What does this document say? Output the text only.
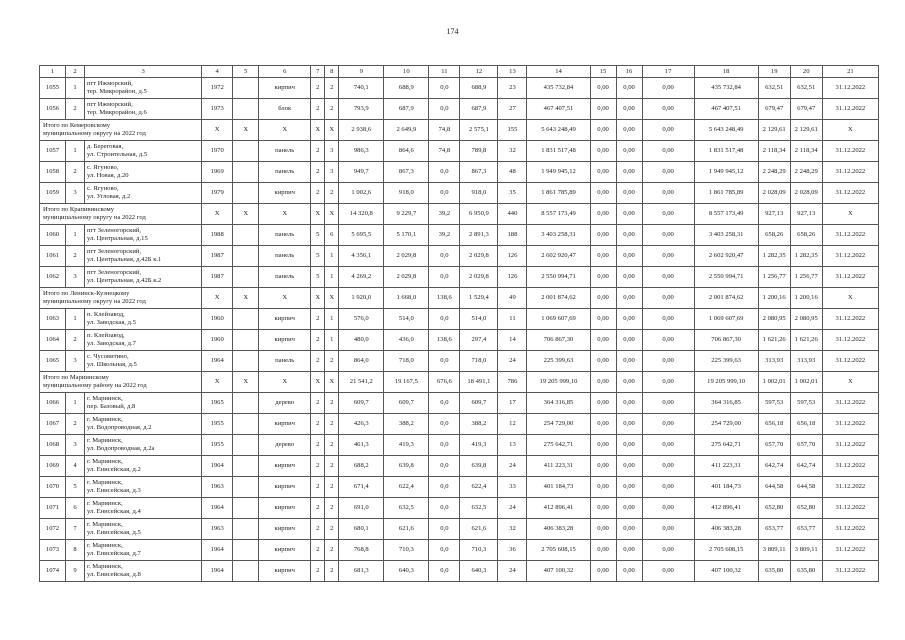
174
1	2	3	4	5	6	7	8	9	10	11	12	13	14	15	16	17	18	19	20	21
1055	1	пгт Ижморский,
тер. Микрорайон, д.5	1972		кирпич	2	2	740,1	688,9	0,0	688,9	23	435 732,84	0,00	0,00	0,00	435 732,84	632,51	632,51	31.12.2022
1056	2	пгт Ижморский,
тер. Микрорайон, д.6	1973		блок	2	2	793,9	687,9	0,0	687,9	27	467 407,51	0,00	0,00	0,00	467 407,51	679,47	679,47	31.12.2022
Итого по Кемеровскому
муниципальному округу на 2022 год			X	X	X	X	X	2 938,6	2 649,9	74,8	2 575,1	155	5 643 248,49	0,00	0,00	0,00	5 643 248,49	2 129,61	2 129,61	X
1057	1	д. Береговая,
ул. Строительная, д.5	1970		панель	2	3	986,3	864,6	74,8	789,8	32	1 831 517,48	0,00	0,00	0,00	1 831 517,48	2 118,34	2 118,34	31.12.2022
1058	2	с. Ягуново,
ул. Новая, д.20	1969		панель	2	3	949,7	867,3	0,0	867,3	48	1 949 945,12	0,00	0,00	0,00	1 949 945,12	2 248,29	2 248,29	31.12.2022
1059	3	с. Ягуново,
ул. Угловая, д.2	1979		кирпич	2	2	1 002,6	918,0	0,0	918,0	35	1 861 785,89	0,00	0,00	0,00	1 861 785,89	2 028,09	2 028,09	31.12.2022
Итого по Крапивинскому
муниципальному округу на 2022 год			X	X	X	X	X	14 320,8	9 229,7	39,2	6 950,9	440	8 557 173,49	0,00	0,00	0,00	8 557 173,49	927,13	927,13	X
1060	1	пгт Зеленогорский,
ул. Центральная, д.15	1988		панель	5	6	5 695,5	5 170,1	39,2	2 891,3	188	3 403 258,31	0,00	0,00	0,00	3 403 258,31	658,26	658,26	31.12.2022
1061	2	пгт Зеленогорский,
ул. Центральная, д.42Б к.1	1987		панель	5	1	4 356,1	2 029,8	0,0	2 029,8	126	2 602 920,47	0,00	0,00	0,00	2 602 920,47	1 282,35	1 282,35	31.12.2022
1062	3	пгт Зеленогорский,
ул. Центральная, д.42Б к.2	1987		панель	5	1	4 269,2	2 029,8	0,0	2 029,8	126	2 550 994,71	0,00	0,00	0,00	2 550 994,71	1 256,77	1 256,77	31.12.2022
Итого по Ленинск-Кузнецкому
муниципальному округу на 2022 год			X	X	X	X	X	1 920,0	1 668,0	138,6	1 529,4	49	2 001 874,62	0,00	0,00	0,00	2 001 874,62	1 200,16	1 200,16	X
1063	1	п. Клейзавод,
ул. Заводская, д.5	1960		кирпич	2	1	576,0	514,0	0,0	514,0	11	1 069 607,69	0,00	0,00	0,00	1 069 607,69	2 080,95	2 080,95	31.12.2022
1064	2	п. Клейзавод,
ул. Заводская, д.7	1960		кирпич	2	1	480,0	436,0	138,6	297,4	14	706 867,30	0,00	0,00	0,00	706 867,30	1 621,26	1 621,26	31.12.2022
1065	3	с. Чусовитино,
ул. Школьная, д.5	1964		панель	2	2	864,0	718,0	0,0	718,0	24	225 399,63	0,00	0,00	0,00	225 399,63	313,93	313,93	31.12.2022
Итого по Мариинскому
муниципальному району на 2022 год			X	X	X	X	X	21 541,2	19 167,5	676,6	18 491,1	786	19 205 999,10	0,00	0,00	0,00	19 205 999,10	1 002,01	1 002,01	X
1066	1	г. Мариинск,
пер. Базовый, д.8	1965		дерево	2	2	609,7	609,7	0,0	609,7	17	364 316,85	0,00	0,00	0,00	364 316,85	597,53	597,53	31.12.2022
1067	2	г. Мариинск,
ул. Водопроводная, д.2	1955		кирпич	2	2	426,3	388,2	0,0	388,2	12	254 729,00	0,00	0,00	0,00	254 729,00	656,18	656,18	31.12.2022
1068	3	г. Мариинск,
ул. Водопроводная, д.2а	1955		дерево	2	2	461,3	419,3	0,0	419,3	13	275 642,71	0,00	0,00	0,00	275 642,71	657,70	657,70	31.12.2022
1069	4	г. Мариинск,
ул. Енисейская, д.2	1964		кирпич	2	2	688,2	639,8	0,0	639,8	24	411 223,31	0,00	0,00	0,00	411 223,31	642,74	642,74	31.12.2022
1070	5	г. Мариинск,
ул. Енисейская, д.3	1963		кирпич	2	2	671,4	622,4	0,0	622,4	33	401 184,73	0,00	0,00	0,00	401 184,73	644,58	644,58	31.12.2022
1071	6	г. Мариинск,
ул. Енисейская, д.4	1964		кирпич	2	2	691,0	632,5	0,0	632,5	24	412 896,41	0,00	0,00	0,00	412 896,41	652,80	652,80	31.12.2022
1072	7	г. Мариинск,
ул. Енисейская, д.5	1963		кирпич	2	2	680,1	621,6	0,0	621,6	32	406 383,28	0,00	0,00	0,00	406 383,28	653,77	653,77	31.12.2022
1073	8	г. Мариинск,
ул. Енисейская, д.7	1964		кирпич	2	2	768,8	710,3	0,0	710,3	36	2 705 608,15	0,00	0,00	0,00	2 705 608,15	3 809,11	3 809,11	31.12.2022
1074	9	г. Мариинск,
ул. Енисейская, д.8	1964		кирпич	2	2	681,3	640,3	0,0	640,3	24	407 100,32	0,00	0,00	0,00	407 100,32	635,80	635,80	31.12.2022
